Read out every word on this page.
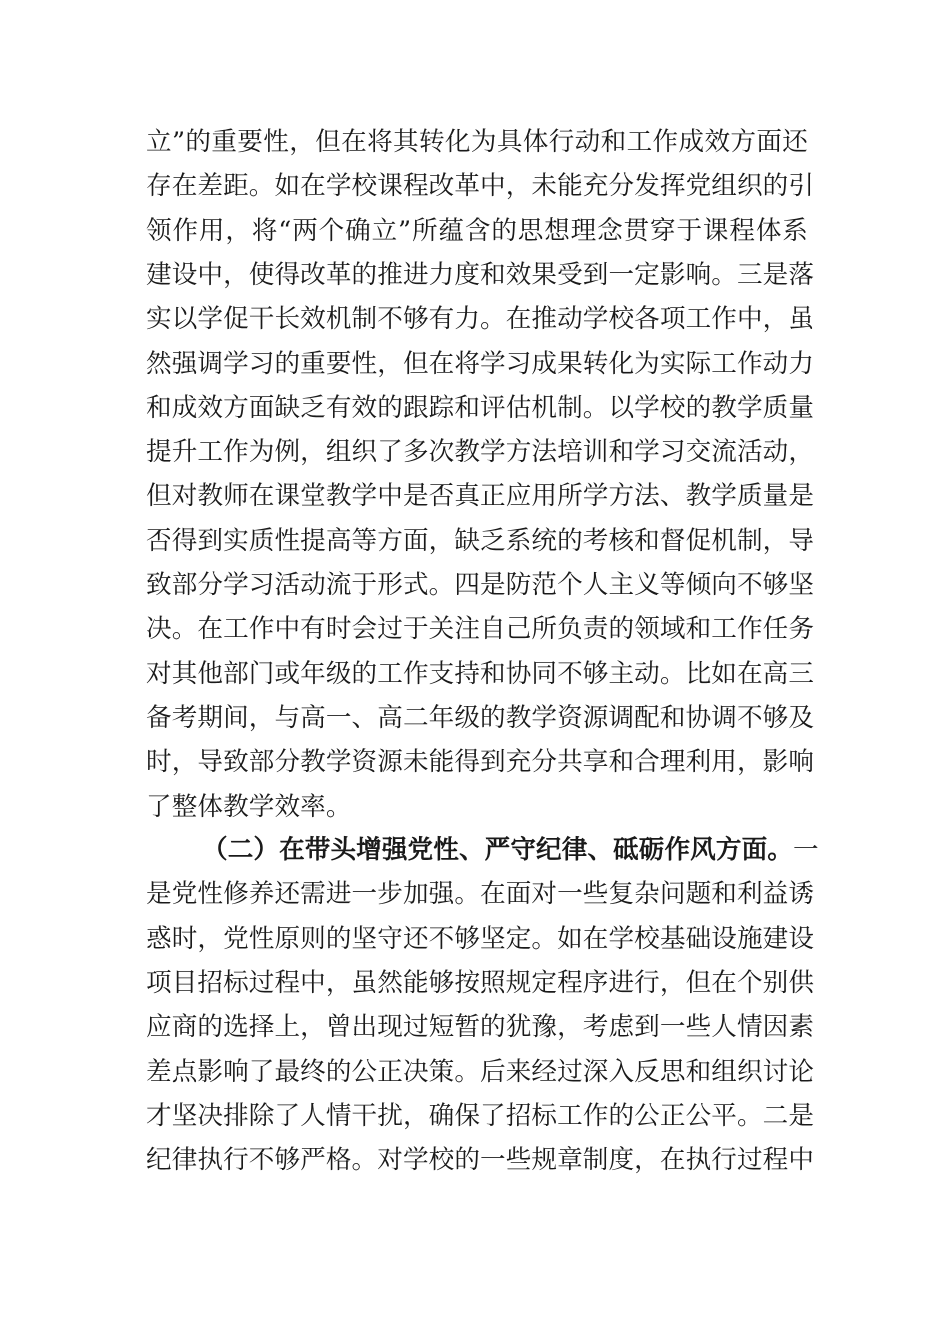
立”的重要性，但在将其转化为具体行动和工作成效方面还
存在差距。如在学校课程改革中，未能充分发挥党组织的引
领作用，将“两个确立”所蕴含的思想理念贯穿于课程体系
建设中，使得改革的推进力度和效果受到一定影响。三是落
实以学促干长效机制不够有力。在推动学校各项工作中，虽
然强调学习的重要性，但在将学习成果转化为实际工作动力
和成效方面缺乏有效的跟踪和评估机制。以学校的教学质量
提升工作为例，组织了多次教学方法培训和学习交流活动，
但对教师在课堂教学中是否真正应用所学方法、教学质量是
否得到实质性提高等方面，缺乏系统的考核和督促机制，导
致部分学习活动流于形式。四是防范个人主义等倾向不够坚
决。在工作中有时会过于关注自己所负责的领域和工作任务
对其他部门或年级的工作支持和协同不够主动。比如在高三
备考期间，与高一、高二年级的教学资源调配和协调不够及
时，导致部分教学资源未能得到充分共享和合理利用，影响
了整体教学效率。
（二）在带头增强党性、严守纪律、砥砺作风方面。一
是党性修养还需进一步加强。在面对一些复杂问题和利益诱
惑时，党性原则的坚守还不够坚定。如在学校基础设施建设
项目招标过程中，虽然能够按照规定程序进行，但在个别供
应商的选择上，曾出现过短暂的犹豫，考虑到一些人情因素
差点影响了最终的公正决策。后来经过深入反思和组织讨论
才坚决排除了人情干扰，确保了招标工作的公正公平。二是
纪律执行不够严格。对学校的一些规章制度，在执行过程中
